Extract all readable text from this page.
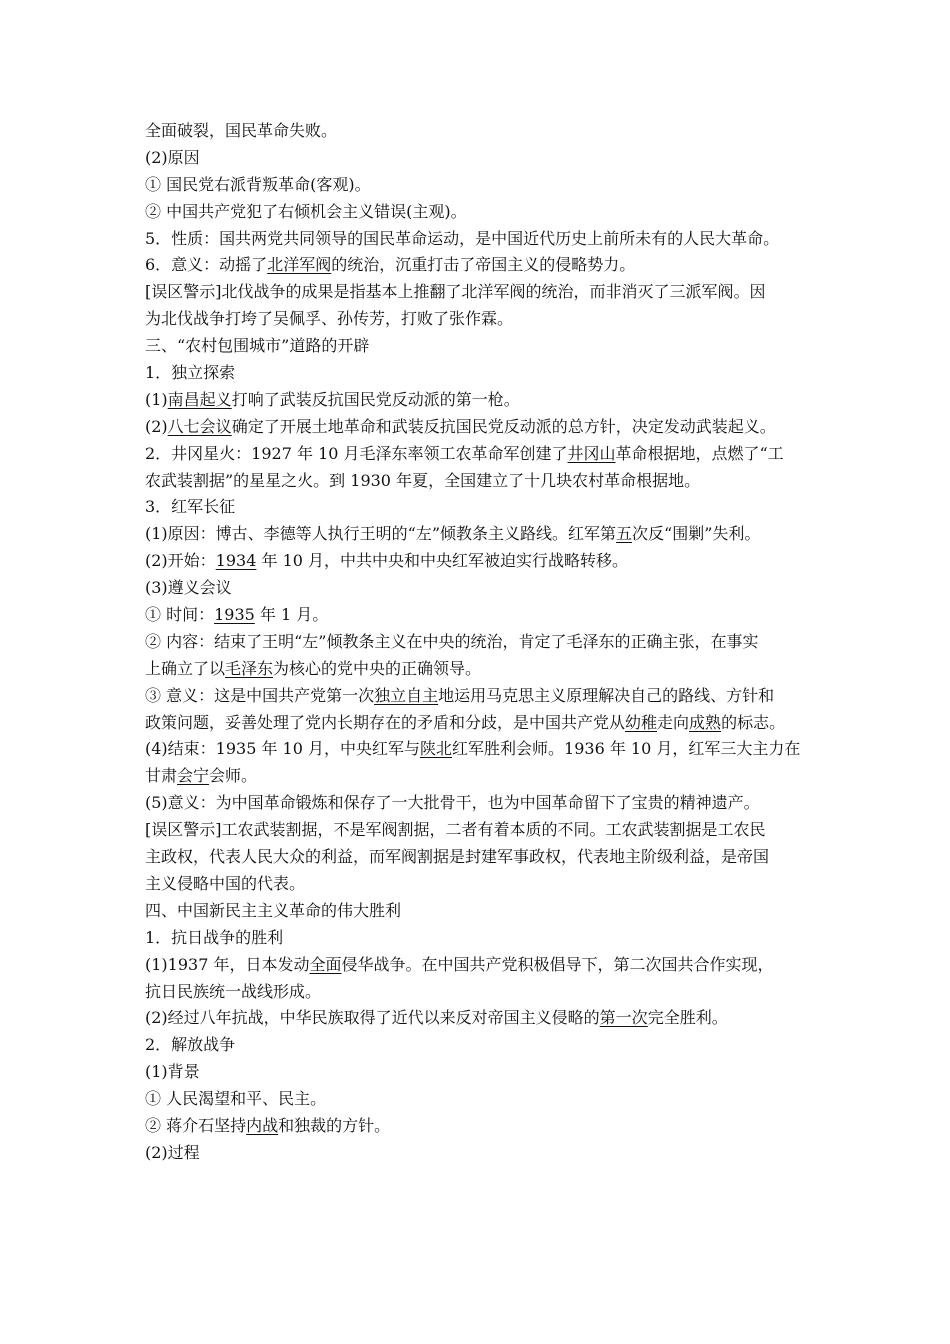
全面破裂，国民革命失败。
(2)原因
① 国民党右派背叛革命(客观)。
② 中国共产党犯了右倾机会主义错误(主观)。
5．性质：国共两党共同领导的国民革命运动，是中国近代历史上前所未有的人民大革命。
6．意义：动摇了北洋军阀的统治，沉重打击了帝国主义的侵略势力。
[误区警示]北伐战争的成果是指基本上推翻了北洋军阀的统治，而非消灭了三派军阀。因
为北伐战争打垮了吴佩孚、孙传芳，打败了张作霖。
三、“农村包围城市”道路的开辟
1．独立探索
(1)南昌起义打响了武装反抗国民党反动派的第一枪。
(2)八七会议确定了开展土地革命和武装反抗国民党反动派的总方针，决定发动武装起义。
2．井冈星火：1927 年 10 月毛泽东率领工农革命军创建了井冈山革命根据地，点燃了“工
农武装割据”的星星之火。到 1930 年夏，全国建立了十几块农村革命根据地。
3．红军长征
(1)原因：博古、李德等人执行王明的“左”倾教条主义路线。红军第五次反“围剿”失利。
(2)开始：1934 年 10 月，中共中央和中央红军被迫实行战略转移。
(3)遵义会议
① 时间：1935 年 1 月。
② 内容：结束了王明“左”倾教条主义在中央的统治，肯定了毛泽东的正确主张，在事实
上确立了以毛泽东为核心的党中央的正确领导。
③ 意义：这是中国共产党第一次独立自主地运用马克思主义原理解决自己的路线、方针和
政策问题，妥善处理了党内长期存在的矛盾和分歧，是中国共产党从幼稚走向成熟的标志。
(4)结束：1935 年 10 月，中央红军与陕北红军胜利会师。1936 年 10 月，红军三大主力在
甘肃会宁会师。
(5)意义：为中国革命锻炼和保存了一大批骨干，也为中国革命留下了宝贵的精神遗产。
[误区警示]工农武装割据，不是军阀割据，二者有着本质的不同。工农武装割据是工农民
主政权，代表人民大众的利益，而军阀割据是封建军事政权，代表地主阶级利益，是帝国
主义侵略中国的代表。
四、中国新民主主义革命的伟大胜利
1．抗日战争的胜利
(1)1937 年，日本发动全面侵华战争。在中国共产党积极倡导下，第二次国共合作实现，
抗日民族统一战线形成。
(2)经过八年抗战，中华民族取得了近代以来反对帝国主义侵略的第一次完全胜利。
2．解放战争
(1)背景
① 人民渴望和平、民主。
② 蒋介石坚持内战和独裁的方针。
(2)过程
